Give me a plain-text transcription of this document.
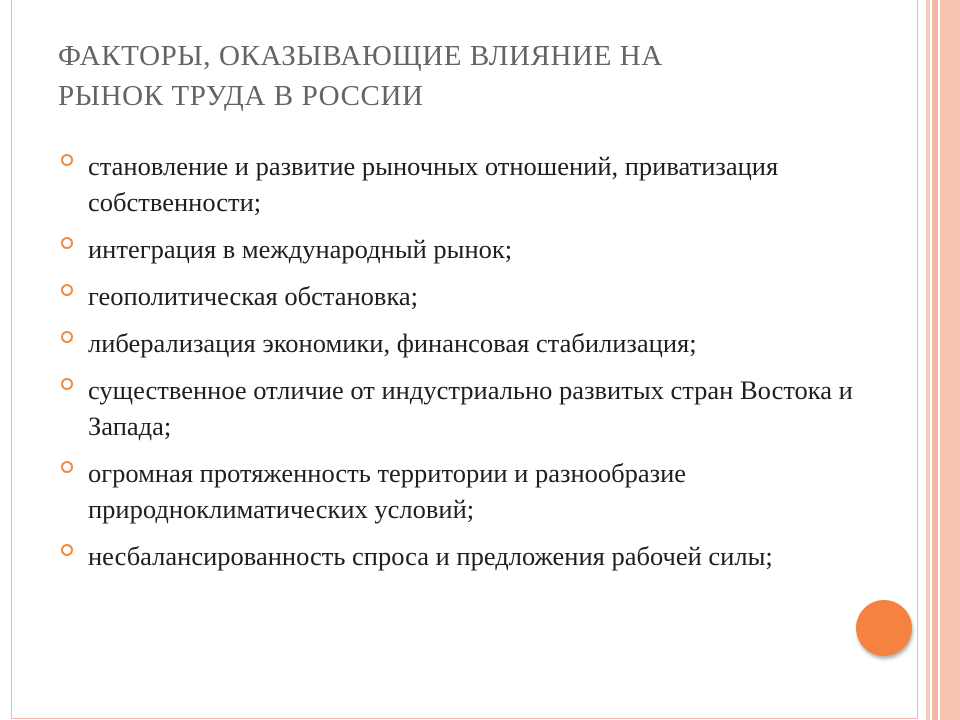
ФАКТОРЫ, ОКАЗЫВАЮЩИЕ ВЛИЯНИЕ НА
РЫНОК ТРУДА В РОССИИ
становление и развитие рыночных отношений, приватизация собственности;
интеграция в международный рынок;
геополитическая обстановка;
либерализация экономики, финансовая стабилизация;
существенное отличие от индустриально развитых стран Востока и Запада;
огромная протяженность территории и разнообразие природноклиматических условий;
несбалансированность спроса и предложения рабочей силы;
